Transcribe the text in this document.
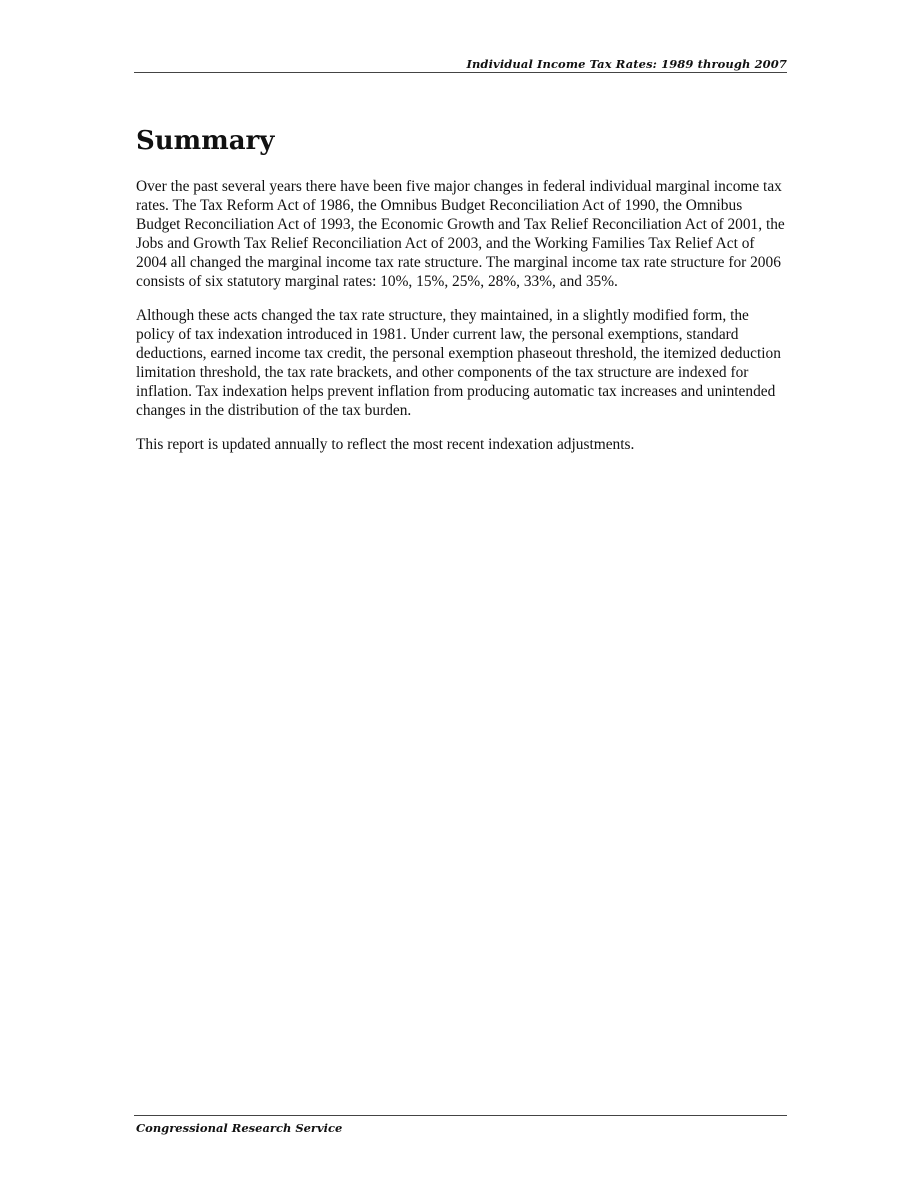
Individual Income Tax Rates: 1989 through 2007
Summary

Over the past several years there have been five major changes in federal individual marginal income tax rates. The Tax Reform Act of 1986, the Omnibus Budget Reconciliation Act of 1990, the Omnibus Budget Reconciliation Act of 1993, the Economic Growth and Tax Relief Reconciliation Act of 2001, the Jobs and Growth Tax Relief Reconciliation Act of 2003, and the Working Families Tax Relief Act of 2004 all changed the marginal income tax rate structure. The marginal income tax rate structure for 2006 consists of six statutory marginal rates: 10%, 15%, 25%, 28%, 33%, and 35%.

Although these acts changed the tax rate structure, they maintained, in a slightly modified form, the policy of tax indexation introduced in 1981. Under current law, the personal exemptions, standard deductions, earned income tax credit, the personal exemption phaseout threshold, the itemized deduction limitation threshold, the tax rate brackets, and other components of the tax structure are indexed for inflation. Tax indexation helps prevent inflation from producing automatic tax increases and unintended changes in the distribution of the tax burden.

This report is updated annually to reflect the most recent indexation adjustments.

Congressional Research Service
